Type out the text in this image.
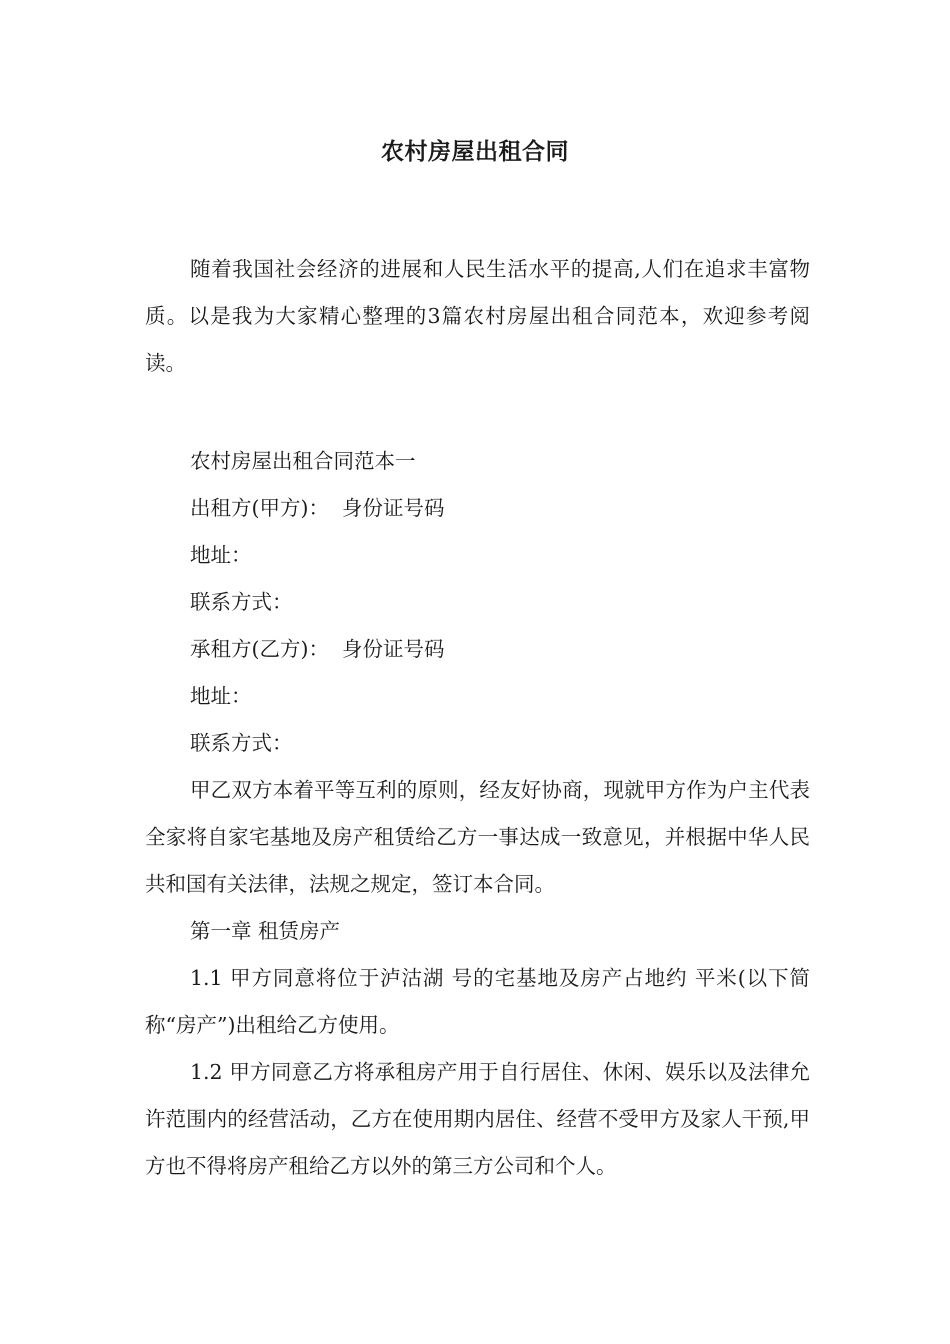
农村房屋出租合同

随着我国社会经济的进展和人民生活水平的提高,人们在追求丰富物质。以是我为大家精心整理的3篇农村房屋出租合同范本，欢迎参考阅读。

农村房屋出租合同范本一

出租方(甲方)：  身份证号码

地址：

联系方式：

承租方(乙方)：  身份证号码

地址：

联系方式：

甲乙双方本着平等互利的原则，经友好协商，现就甲方作为户主代表全家将自家宅基地及房产租赁给乙方一事达成一致意见，并根据中华人民共和国有关法律，法规之规定，签订本合同。

第一章 租赁房产

1.1 甲方同意将位于泸沽湖 号的宅基地及房产占地约 平米(以下简称“房产”)出租给乙方使用。

1.2 甲方同意乙方将承租房产用于自行居住、休闲、娱乐以及法律允许范围内的经营活动，乙方在使用期内居住、经营不受甲方及家人干预,甲方也不得将房产租给乙方以外的第三方公司和个人。
